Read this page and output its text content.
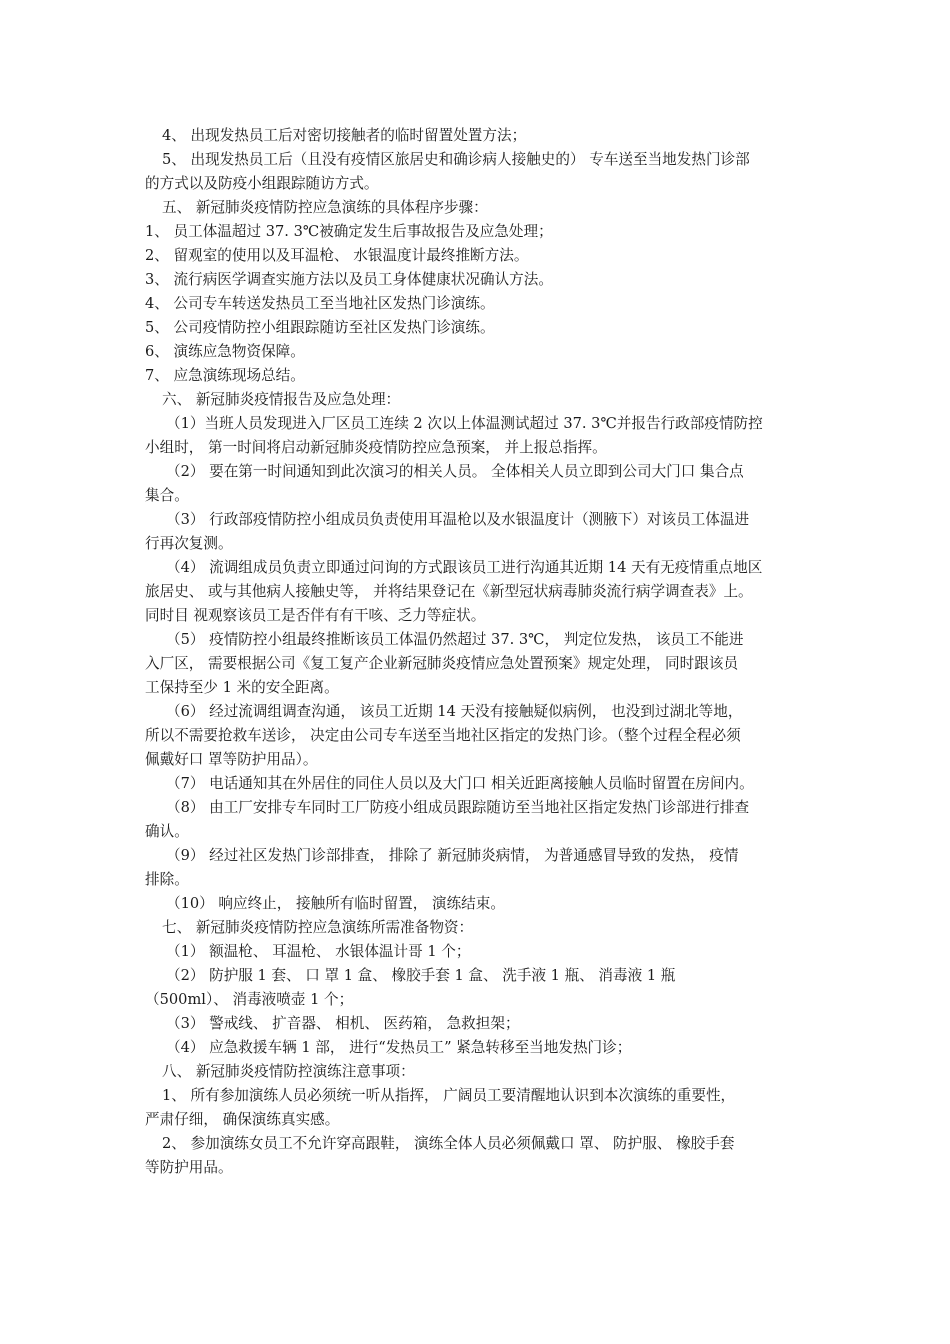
4、 出现发热员工后对密切接触者的临时留置处置方法；
5、 出现发热员工后（且没有疫情区旅居史和确诊病人接触史的） 专车送至当地发热门诊部
的方式以及防疫小组跟踪随访方式。
五、 新冠肺炎疫情防控应急演练的具体程序步骤：
1、 员工体温超过 37. 3℃被确定发生后事故报告及应急处理；
2、 留观室的使用以及耳温枪、 水银温度计最终推断方法。
3、 流行病医学调查实施方法以及员工身体健康状况确认方法。
4、 公司专车转送发热员工至当地社区发热门诊演练。
5、 公司疫情防控小组跟踪随访至社区发热门诊演练。
6、 演练应急物资保障。
7、 应急演练现场总结。
六、 新冠肺炎疫情报告及应急处理：
（1）当班人员发现进入厂区员工连续 2 次以上体温测试超过 37. 3℃并报告行政部疫情防控
小组时， 第一时间将启动新冠肺炎疫情防控应急预案， 并上报总指挥。
（2） 要在第一时间通知到此次演习的相关人员。 全体相关人员立即到公司大门口 集合点
集合。
（3） 行政部疫情防控小组成员负责使用耳温枪以及水银温度计（测腋下）对该员工体温进
行再次复测。
（4） 流调组成员负责立即通过问询的方式跟该员工进行沟通其近期 14 天有无疫情重点地区
旅居史、 或与其他病人接触史等， 并将结果登记在《新型冠状病毒肺炎流行病学调查表》上。
同时目 视观察该员工是否伴有有干咳、乏力等症状。
（5） 疫情防控小组最终推断该员工体温仍然超过 37. 3℃， 判定位发热， 该员工不能进
入厂区， 需要根据公司《复工复产企业新冠肺炎疫情应急处置预案》规定处理， 同时跟该员
工保持至少 1 米的安全距离。
（6） 经过流调组调查沟通， 该员工近期 14 天没有接触疑似病例， 也没到过湖北等地，
所以不需要抢救车送诊， 决定由公司专车送至当地社区指定的发热门诊。（整个过程全程必须
佩戴好口 罩等防护用品）。
（7） 电话通知其在外居住的同住人员以及大门口 相关近距离接触人员临时留置在房间内。
（8） 由工厂安排专车同时工厂防疫小组成员跟踪随访至当地社区指定发热门诊部进行排查
确认。
（9） 经过社区发热门诊部排查， 排除了 新冠肺炎病情， 为普通感冒导致的发热， 疫情
排除。
（10） 响应终止， 接触所有临时留置， 演练结束。
七、 新冠肺炎疫情防控应急演练所需准备物资：
（1） 额温枪、 耳温枪、 水银体温计哥 1 个；
（2） 防护服 1 套、 口 罩 1 盒、 橡胶手套 1 盒、 洗手液 1 瓶、 消毒液 1 瓶
（500ml）、 消毒液喷壶 1 个；
（3） 警戒线、 扩音器、 相机、 医药箱， 急救担架；
（4） 应急救援车辆 1 部， 进行“发热员工” 紧急转移至当地发热门诊；
八、 新冠肺炎疫情防控演练注意事项：
1、 所有参加演练人员必须统一听从指挥， 广阔员工要清醒地认识到本次演练的重要性，
严肃仔细， 确保演练真实感。
2、 参加演练女员工不允许穿高跟鞋， 演练全体人员必须佩戴口 罩、 防护服、 橡胶手套
等防护用品。
